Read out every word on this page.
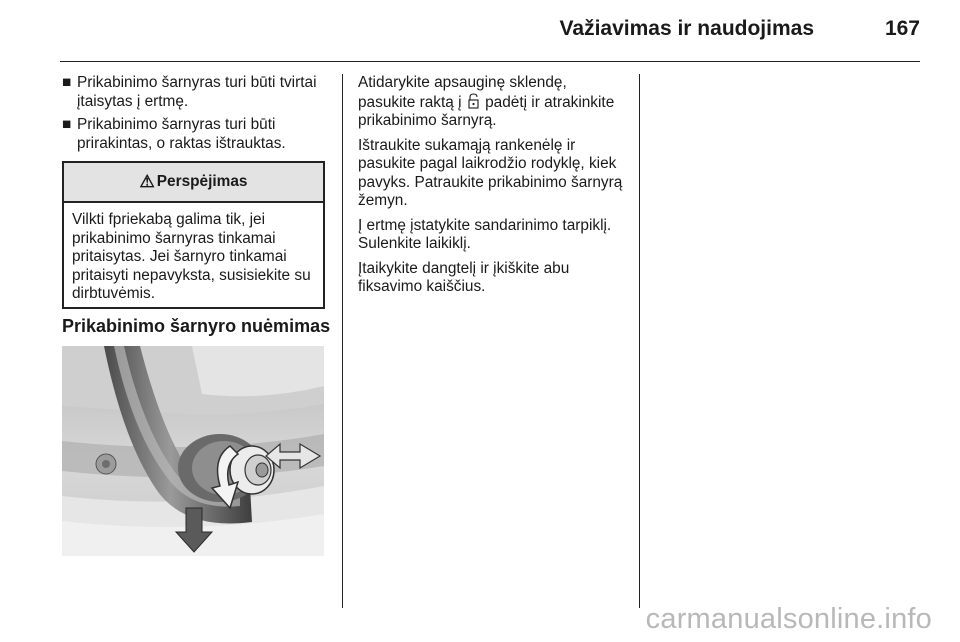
Važiavimas ir naudojimas	167
■ Prikabinimo šarnyras turi būti tvirtai įtaisytas į ertmę.
■ Prikabinimo šarnyras turi būti prirakintas, o raktas ištrauktas.
⚠ Perspėjimas
Vilkti fpriekabą galima tik, jei prikabinimo šarnyras tinkamai pritaisytas. Jei šarnyro tinkamai pritaisyti nepavyksta, susisiekite su dirbtuvėmis.
Prikabinimo šarnyro nuėmimas

Atidarykite apsauginę sklendę, pasukite raktą į padėtį ir atrakinkite prikabinimo šarnyrą.

Ištraukite sukamąją rankenėlę ir pasukite pagal laikrodžio rodyklę, kiek pavyks. Patraukite prikabinimo šarnyrą žemyn.

Į ertmę įstatykite sandarinimo tarpiklį. Sulenkite laikiklį.

Įtaikykite dangtelį ir įkiškite abu fiksavimo kaiščius.

carmanualsonline.info
